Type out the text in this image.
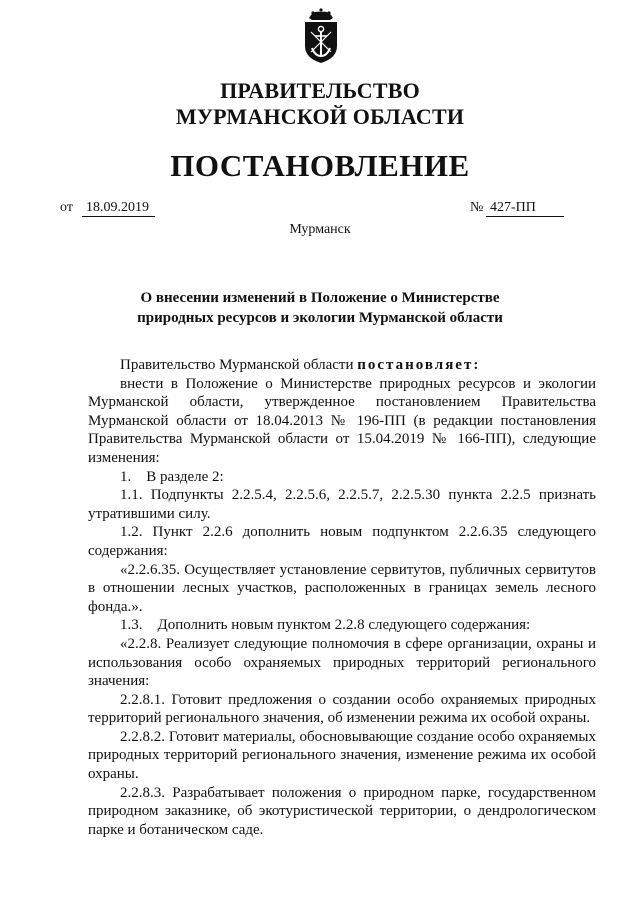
ПРАВИТЕЛЬСТВО
МУРМАНСКОЙ ОБЛАСТИ
ПОСТАНОВЛЕНИЕ
от 18.09.2019	№ 427-ПП
Мурманск
О внесении изменений в Положение о Министерстве
природных ресурсов и экологии Мурманской области

Правительство Мурманской области постановляет:

внести в Положение о Министерстве природных ресурсов и экологии Мурманской области, утвержденное постановлением Правительства Мурманской области от 18.04.2013 № 196-ПП (в редакции постановления Правительства Мурманской области от 15.04.2019 № 166-ПП), следующие изменения:

1.    В разделе 2:

1.1. Подпункты 2.2.5.4, 2.2.5.6, 2.2.5.7, 2.2.5.30 пункта 2.2.5 признать утратившими силу.

1.2. Пункт 2.2.6 дополнить новым подпунктом 2.2.6.35 следующего содержания:

«2.2.6.35. Осуществляет установление сервитутов, публичных сервитутов в отношении лесных участков, расположенных в границах земель лесного фонда.».

1.3.    Дополнить новым пунктом 2.2.8 следующего содержания:

«2.2.8. Реализует следующие полномочия в сфере организации, охраны и использования особо охраняемых природных территорий регионального значения:

2.2.8.1. Готовит предложения о создании особо охраняемых природных территорий регионального значения, об изменении режима их особой охраны.

2.2.8.2. Готовит материалы, обосновывающие создание особо охраняемых природных территорий регионального значения, изменение режима их особой охраны.

2.2.8.3. Разрабатывает положения о природном парке, государственном природном заказнике, об экотуристической территории, о дендрологическом парке и ботаническом саде.
